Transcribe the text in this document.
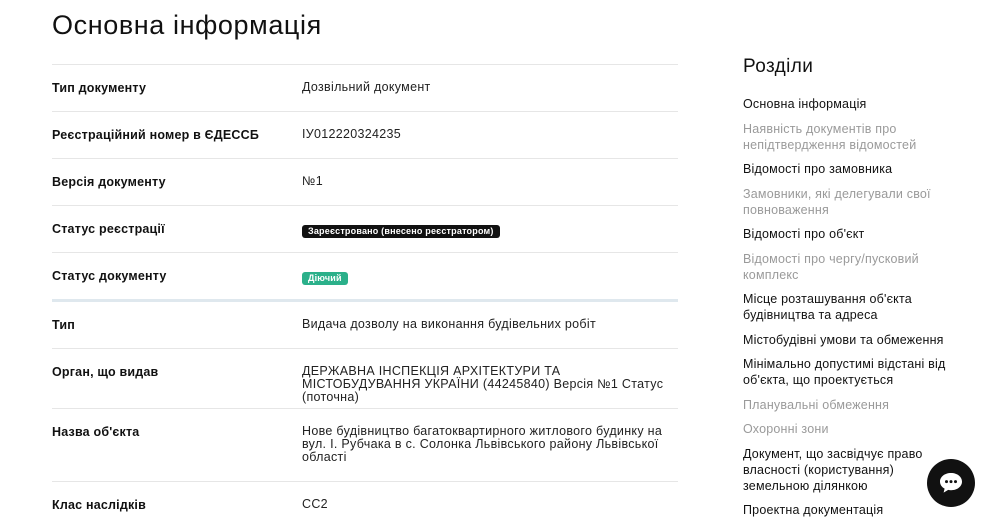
Основна інформація
Тип документу	Дозвільний документ
Реєстраційний номер в ЄДЕССБ	ІУ012220324235
Версія документу	№1
Статус реєстрації	Зареєстровано (внесено реєстратором)
Статус документу	Діючий
Тип	Видача дозволу на виконання будівельних робіт
Орган, що видав	ДЕРЖАВНА ІНСПЕКЦІЯ АРХІТЕКТУРИ ТА МІСТОБУДУВАННЯ УКРАЇНИ (44245840) Версія №1 Статус (поточна)
Назва об'єкта	Нове будівництво багатоквартирного житлового будинку на вул. І. Рубчака в с. Солонка Львівського району Львівської області
Клас наслідків	СС2
Розділи
Основна інформація
Наявність документів про непідтвердження відомостей
Відомості про замовника
Замовники, які делегували свої повноваження
Відомості про об'єкт
Відомості про чергу/пусковий комплекс
Місце розташування об'єкта будівництва та адреса
Містобудівні умови та обмеження
Мінімально допустимі відстані від об'єкта, що проектується
Планувальні обмеження
Охоронні зони
Документ, що засвідчує право власності (користування) земельною ділянкою
Проектна документація
